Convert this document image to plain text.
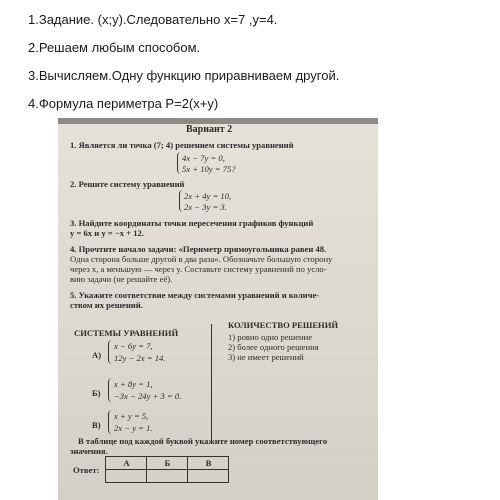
1.Задание. (x;y).Следовательно x=7 ,y=4.
2.Решаем любым способом.
3.Вычисляем.Одну функцию приравниваем другой.
4.Формула периметра P=2(x+y)
Вариант 2
1. Является ли точка (7; 4) решением системы уравнений
4x − 7y = 0,
5x + 10y = 75?
2. Решите систему уравнений
2x + 4y = 10,
2x − 3y = 3.
3. Найдите координаты точки пересечения графиков функций
y = 6x и y = −x + 12.
4. Прочтите начало задачи: «Периметр прямоугольника равен 48.
Одна сторона больше другой в два раза». Обозначьте большую сторону
через x, а меньшую — через y. Составьте систему уравнений по усло-
вию задачи (не решайте её).
5. Укажите соответствие между системами уравнений и количе-
ством их решений.
СИСТЕМЫ УРАВНЕНИЙ
КОЛИЧЕСТВО РЕШЕНИЙ
1) ровно одно решение
2) более одного решения
3) не имеет решений
А)
x − 6y = 7,
12y − 2x = 14.
Б)
x + 8y = 1,
−3x − 24y + 3 = 0.
В)
x + y = 5,
2x − y = 1.
В таблице под каждой буквой укажите номер соответствующего
значения.
Ответ:	А	Б	В
